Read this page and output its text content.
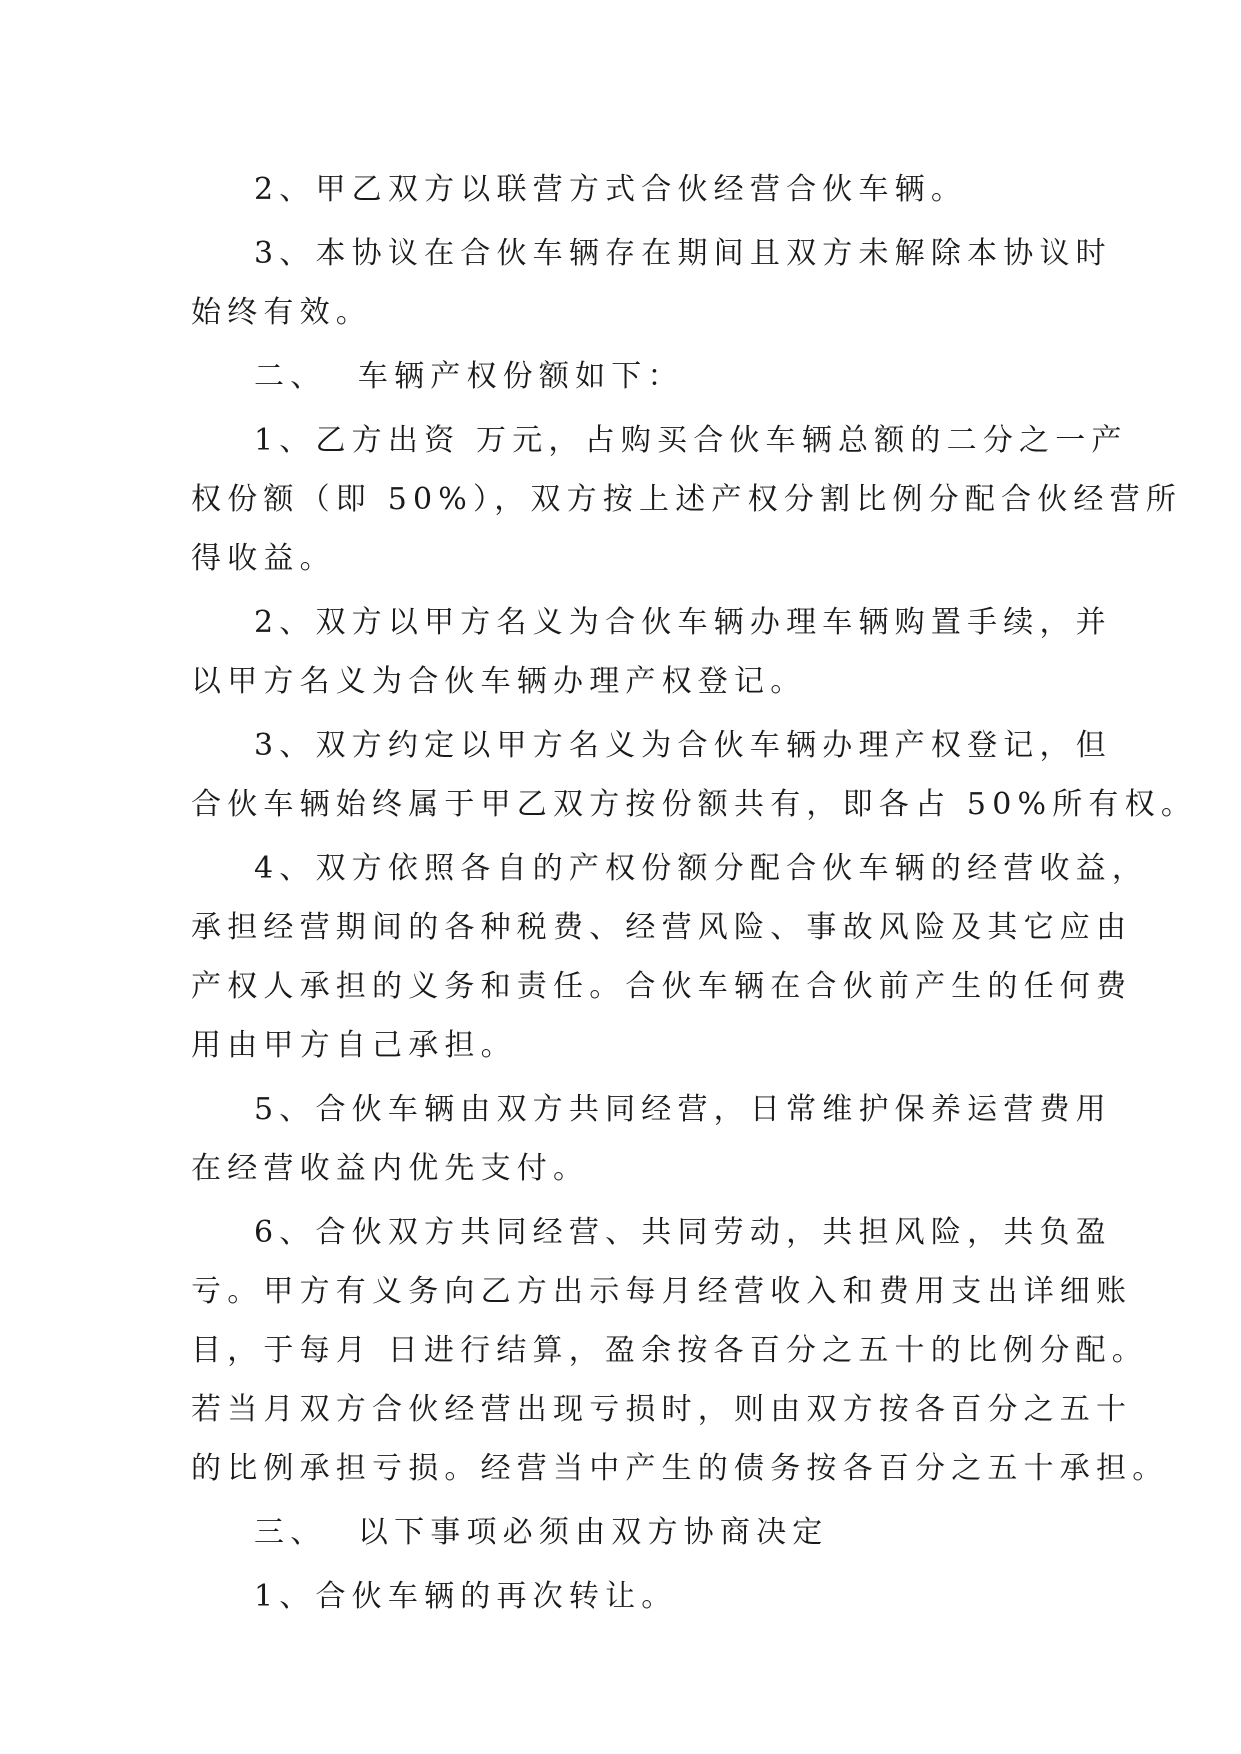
2、甲乙双方以联营方式合伙经营合伙车辆。
3、本协议在合伙车辆存在期间且双方未解除本协议时
始终有效。
二、  车辆产权份额如下：
1、乙方出资 万元，占购买合伙车辆总额的二分之一产
权份额（即 50%），双方按上述产权分割比例分配合伙经营所
得收益。
2、双方以甲方名义为合伙车辆办理车辆购置手续，并
以甲方名义为合伙车辆办理产权登记。
3、双方约定以甲方名义为合伙车辆办理产权登记，但
合伙车辆始终属于甲乙双方按份额共有，即各占 50%所有权。
4、双方依照各自的产权份额分配合伙车辆的经营收益，
承担经营期间的各种税费、经营风险、事故风险及其它应由
产权人承担的义务和责任。合伙车辆在合伙前产生的任何费
用由甲方自己承担。
5、合伙车辆由双方共同经营，日常维护保养运营费用
在经营收益内优先支付。
6、合伙双方共同经营、共同劳动，共担风险，共负盈
亏。甲方有义务向乙方出示每月经营收入和费用支出详细账
目，于每月 日进行结算，盈余按各百分之五十的比例分配。
若当月双方合伙经营出现亏损时，则由双方按各百分之五十
的比例承担亏损。经营当中产生的债务按各百分之五十承担。
三、  以下事项必须由双方协商决定
1、合伙车辆的再次转让。
